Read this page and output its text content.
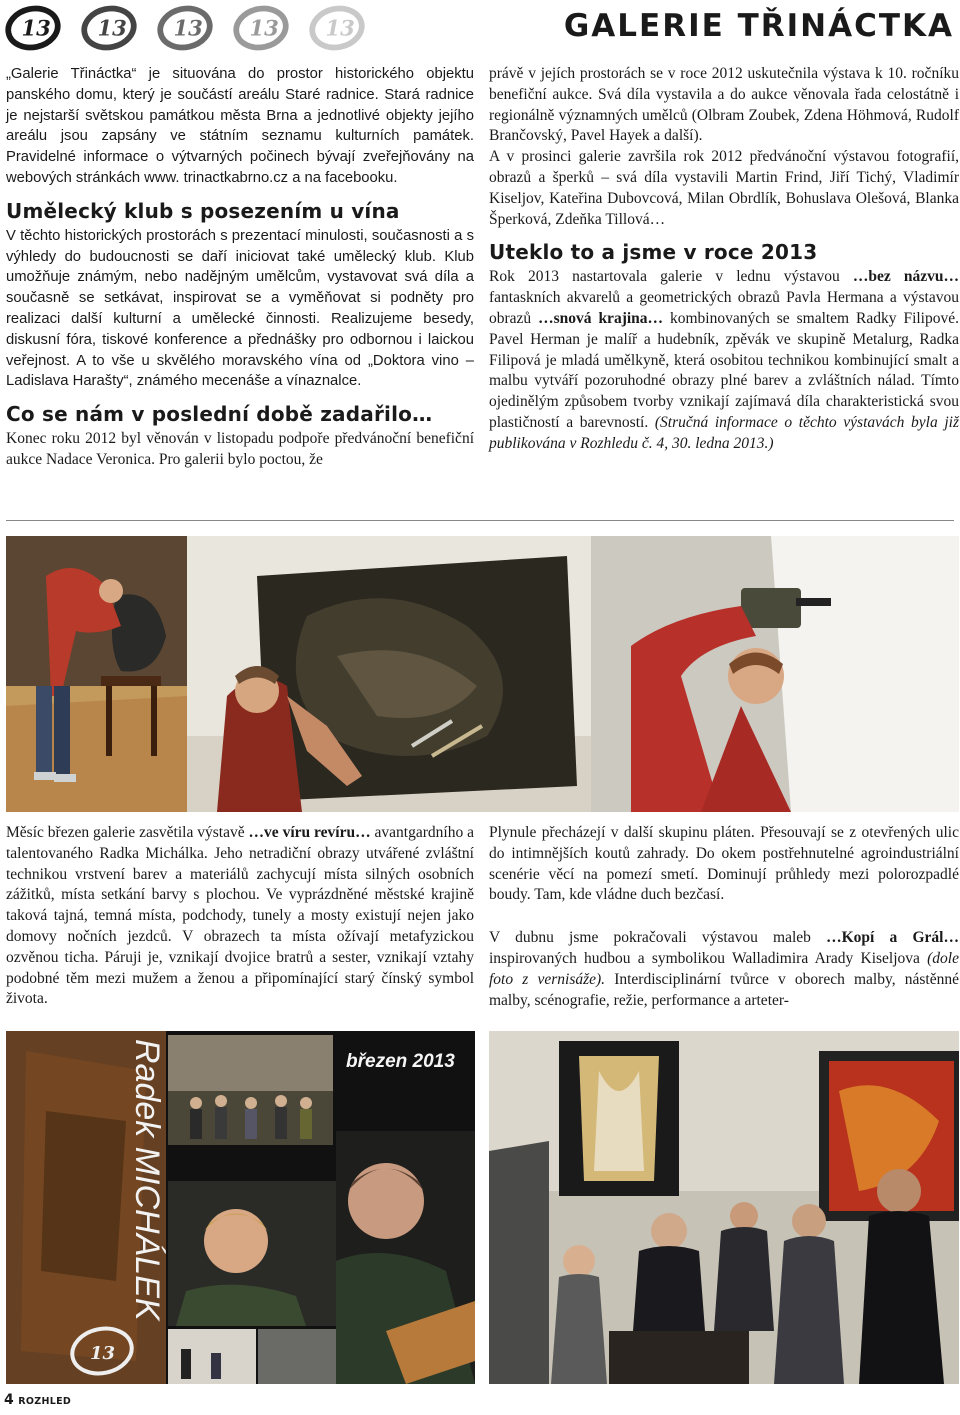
13 13 13 13 13	GALERIE TŘINÁCTKA

„Galerie Třináctka“ je situována do prostor historického objektu panského domu, který je součástí areálu Staré radnice. Stará radnice je nejstarší světskou památkou města Brna a jednotlivé objekty jejího areálu jsou zapsány ve státním seznamu kulturních památek. Pravidelné informace o výtvarných počinech bývají zveřejňovány na webových stránkách www. trinactkabrno.cz a na facebooku.

Umělecký klub s posezením u vína

V těchto historických prostorách s prezentací minulosti, současnosti a s výhledy do budoucnosti se daří iniciovat také umělecký klub. Klub umožňuje známým, nebo nadějným umělcům, vystavovat svá díla a současně se setkávat, inspirovat se a vyměňovat si podněty pro realizaci další kulturní a umělecké činnosti. Realizujeme besedy, diskusní fóra, tiskové konference a přednášky pro odbornou i laickou veřejnost. A to vše u skvělého moravského vína od „Doktora vino – Ladislava Harašty“, známého mecenáše a vínaznalce.

Co se nám v poslední době zadařilo…

Konec roku 2012 byl věnován v listopadu podpoře předvánoční benefiční aukce Nadace Veronica. Pro galerii bylo poctou, že

právě v jejích prostorách se v roce 2012 uskutečnila výstava k 10. ročníku benefiční aukce. Svá díla vystavila a do aukce věnovala řada celostátně i regionálně významných umělců (Olbram Zoubek, Zdena Höhmová, Rudolf Brančovský, Pavel Hayek a další).

A v prosinci galerie završila rok 2012 předvánoční výstavou fotografií, obrazů a šperků – svá díla vystavili Martin Frind, Jiří Tichý, Vladimír Kiseljov, Kateřina Dubovcová, Milan Obrdlík, Bohuslava Olešová, Blanka Šperková, Zdeňka Tillová…

Uteklo to a jsme v roce 2013

Rok 2013 nastartovala galerie v lednu výstavou …bez názvu… fantaskních akvarelů a geometrických obrazů Pavla Hermana a výstavou obrazů …snová krajina… kombinovaných se smaltem Radky Filipové. Pavel Herman je malíř a hudebník, zpěvák ve skupině Metalurg, Radka Filipová je mladá umělkyně, která osobitou technikou kombinující smalt a malbu vytváří pozoruhodné obrazy plné barev a zvláštních nálad. Tímto ojedinělým způsobem tvorby vznikají zajímavá díla charakteristická svou plastičností a barevností. (Stručná informace o těchto výstavách byla již publikována v Rozhledu č. 4, 30. ledna 2013.)

Měsíc březen galerie zasvětila výstavě …ve víru revíru… avantgardního a talentovaného Radka Michálka. Jeho netradiční obrazy utvářené zvláštní technikou vrstvení barev a materiálů zachycují místa silných osobních zážitků, místa setkání barvy s plochou. Ve vyprázdněné městské krajině taková tajná, temná místa, podchody, tunely a mosty existují nejen jako domovy nočních jezdců. V obrazech ta místa ožívají metafyzickou ozvěnou ticha. Páruji je, vznikají dvojice bratrů a sester, vznikají vztahy podobné těm mezi mužem a ženou a připomínající starý čínský symbol života.

Plynule přecházejí v další skupinu pláten. Přesouvají se z otevřených ulic do intimnějších koutů zahrady. Do okem postřehnutelné agroindustriální scenérie věcí na pomezí smetí. Dominují průhledy mezi polorozpadlé boudy. Tam, kde vládne duch bezčasí.

V dubnu jsme pokračovali výstavou maleb …Kopí a Grál… inspirovaných hudbou a symbolikou Walladimira Arady Kiseljova (dole foto z vernisáže). Interdisciplinární tvůrce v oborech malby, nástěnné malby, scénografie, režie, performance a arteter-

Radek MICHÁLEK
13
březen 2013
4 ROZHLED
